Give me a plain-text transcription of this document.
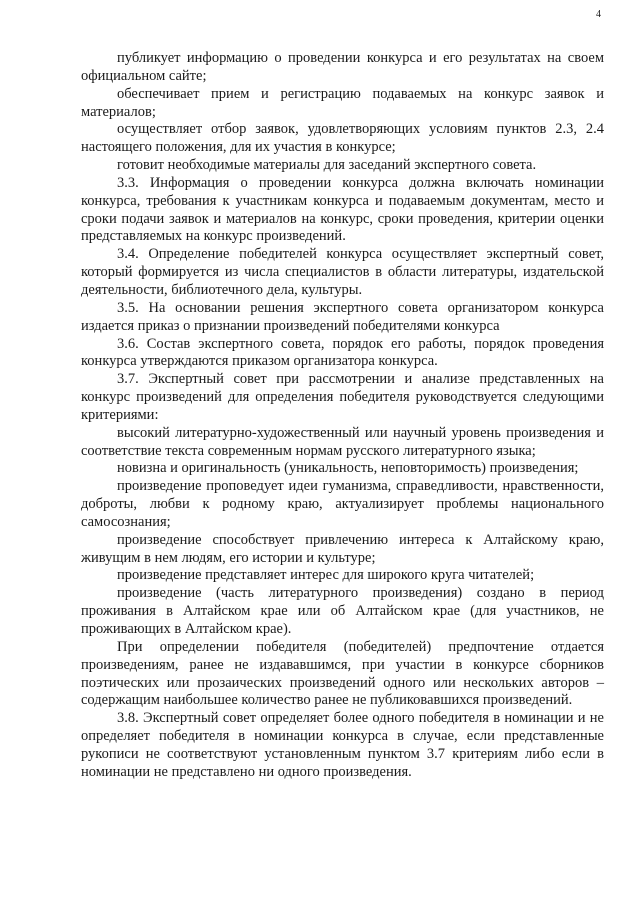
4

публикует информацию о проведении конкурса и его результатах на своем официальном сайте;

обеспечивает прием и регистрацию подаваемых на конкурс заявок и материалов;

осуществляет отбор заявок, удовлетворяющих условиям пунктов 2.3, 2.4 настоящего положения, для их участия в конкурсе;

готовит необходимые материалы для заседаний экспертного совета.

3.3. Информация о проведении конкурса должна включать номинации конкурса, требования к участникам конкурса и подаваемым документам, место и сроки подачи заявок и материалов на конкурс, сроки проведения, критерии оценки представляемых на конкурс произведений.

3.4. Определение победителей конкурса осуществляет экспертный совет, который формируется из числа специалистов в области литературы, издательской деятельности, библиотечного дела, культуры.

3.5. На основании решения экспертного совета организатором конкурса издается приказ о признании произведений победителями конкурса

3.6. Состав экспертного совета, порядок его работы, порядок проведения конкурса утверждаются приказом организатора конкурса.

3.7. Экспертный совет при рассмотрении и анализе представленных на конкурс произведений для определения победителя руководствуется следующими критериями:

высокий литературно-художественный или научный уровень произведения и соответствие текста современным нормам русского литературного языка;

новизна и оригинальность (уникальность, неповторимость) произведения;

произведение проповедует идеи гуманизма, справедливости, нравственности, доброты, любви к родному краю, актуализирует проблемы национального самосознания;

произведение способствует привлечению интереса к Алтайскому краю, живущим в нем людям, его истории и культуре;

произведение представляет интерес для широкого круга читателей;

произведение (часть литературного произведения) создано в период проживания в Алтайском крае или об Алтайском крае (для участников, не проживающих в Алтайском крае).

При определении победителя (победителей) предпочтение отдается произведениям, ранее не издававшимся, при участии в конкурсе сборников поэтических или прозаических произведений одного или нескольких авторов – содержащим наибольшее количество ранее не публиковавшихся произведений.

3.8. Экспертный совет определяет более одного победителя в номинации и не определяет победителя в номинации конкурса в случае, если представленные рукописи не соответствуют установленным пунктом 3.7 критериям либо если в номинации не представлено ни одного произведения.
